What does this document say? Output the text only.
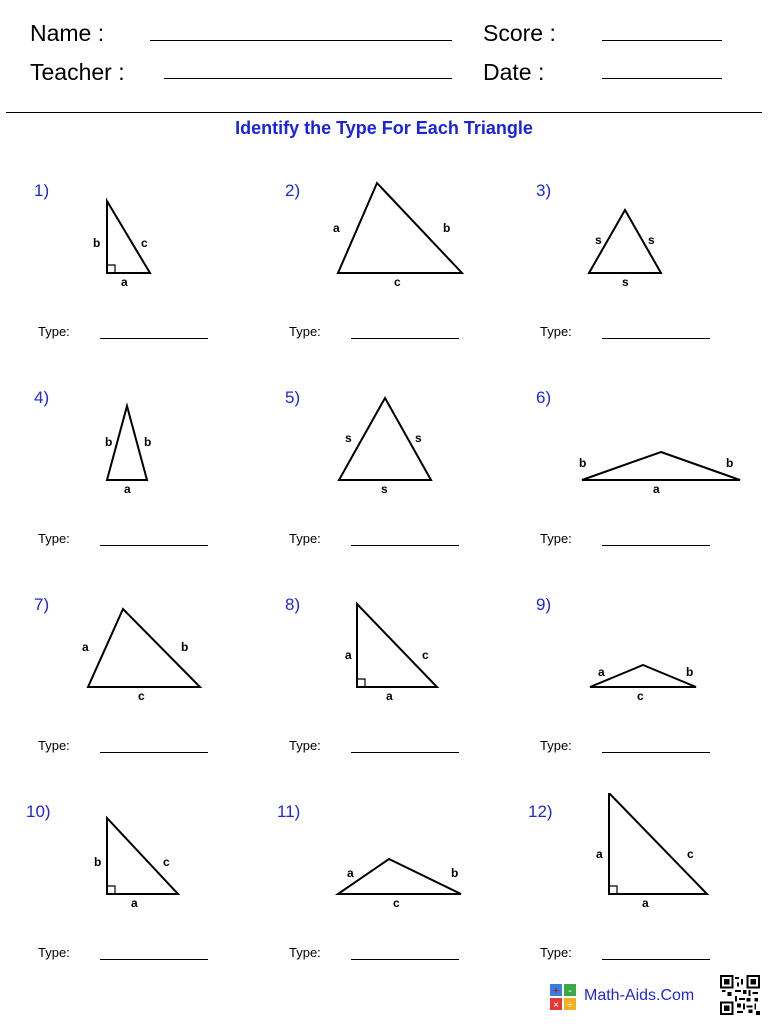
Name :
Teacher :
Score :
Date :
Identify the Type For Each Triangle
1)
b	c
a
Type:
2)
a	b
c
Type:
3)
s	s
s
Type:
4)
b	b
a
Type:
5)
s	s
s
Type:
6)
b	b
a
Type:
7)
a	b
c
Type:
8)
a	c
a
Type:
9)
a	b
c
Type:
10)
b	c
a
Type:
11)
a	b
c
Type:
12)
a	c
a
Type:
+ -
× ÷
Math-Aids.Com
